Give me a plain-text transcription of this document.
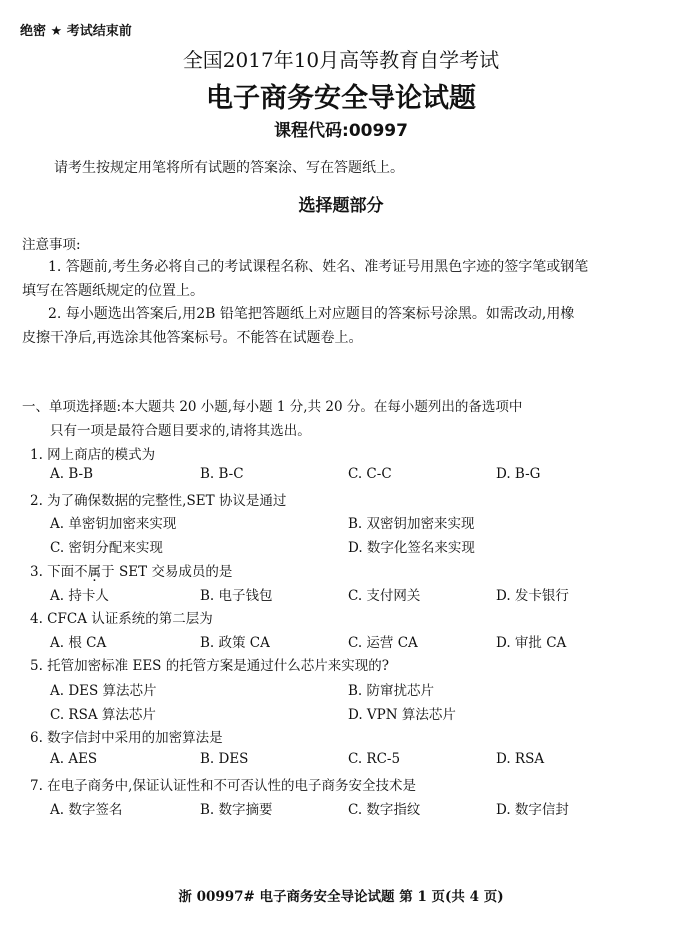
绝密 ★ 考试结束前
全国2017年10月高等教育自学考试
电子商务安全导论试题
课程代码:00997
请考生按规定用笔将所有试题的答案涂、写在答题纸上。
选择题部分
注意事项:
1. 答题前,考生务必将自己的考试课程名称、姓名、准考证号用黑色字迹的签字笔或钢笔
填写在答题纸规定的位置上。
2. 每小题选出答案后,用2B 铅笔把答题纸上对应题目的答案标号涂黑。如需改动,用橡
皮擦干净后,再选涂其他答案标号。不能答在试题卷上。
一、单项选择题:本大题共 20 小题,每小题 1 分,共 20 分。在每小题列出的备选项中
只有一项是最符合题目要求的,请将其选出。
1. 网上商店的模式为
A. B-B	B. B-C	C. C-C	D. B-G
2. 为了确保数据的完整性,SET 协议是通过
A. 单密钥加密来实现	B. 双密钥加密来实现
C. 密钥分配来实现	D. 数字化签名来实现
3. 下面不属于 SET 交易成员的是
A. 持卡人	B. 电子钱包	C. 支付网关	D. 发卡银行
4. CFCA 认证系统的第二层为
A. 根 CA	B. 政策 CA	C. 运营 CA	D. 审批 CA
5. 托管加密标准 EES 的托管方案是通过什么芯片来实现的?
A. DES 算法芯片	B. 防窜扰芯片
C. RSA 算法芯片	D. VPN 算法芯片
6. 数字信封中采用的加密算法是
A. AES	B. DES	C. RC-5	D. RSA
7. 在电子商务中,保证认证性和不可否认性的电子商务安全技术是
A. 数字签名	B. 数字摘要	C. 数字指纹	D. 数字信封
浙 00997# 电子商务安全导论试题 第 1 页(共 4 页)
